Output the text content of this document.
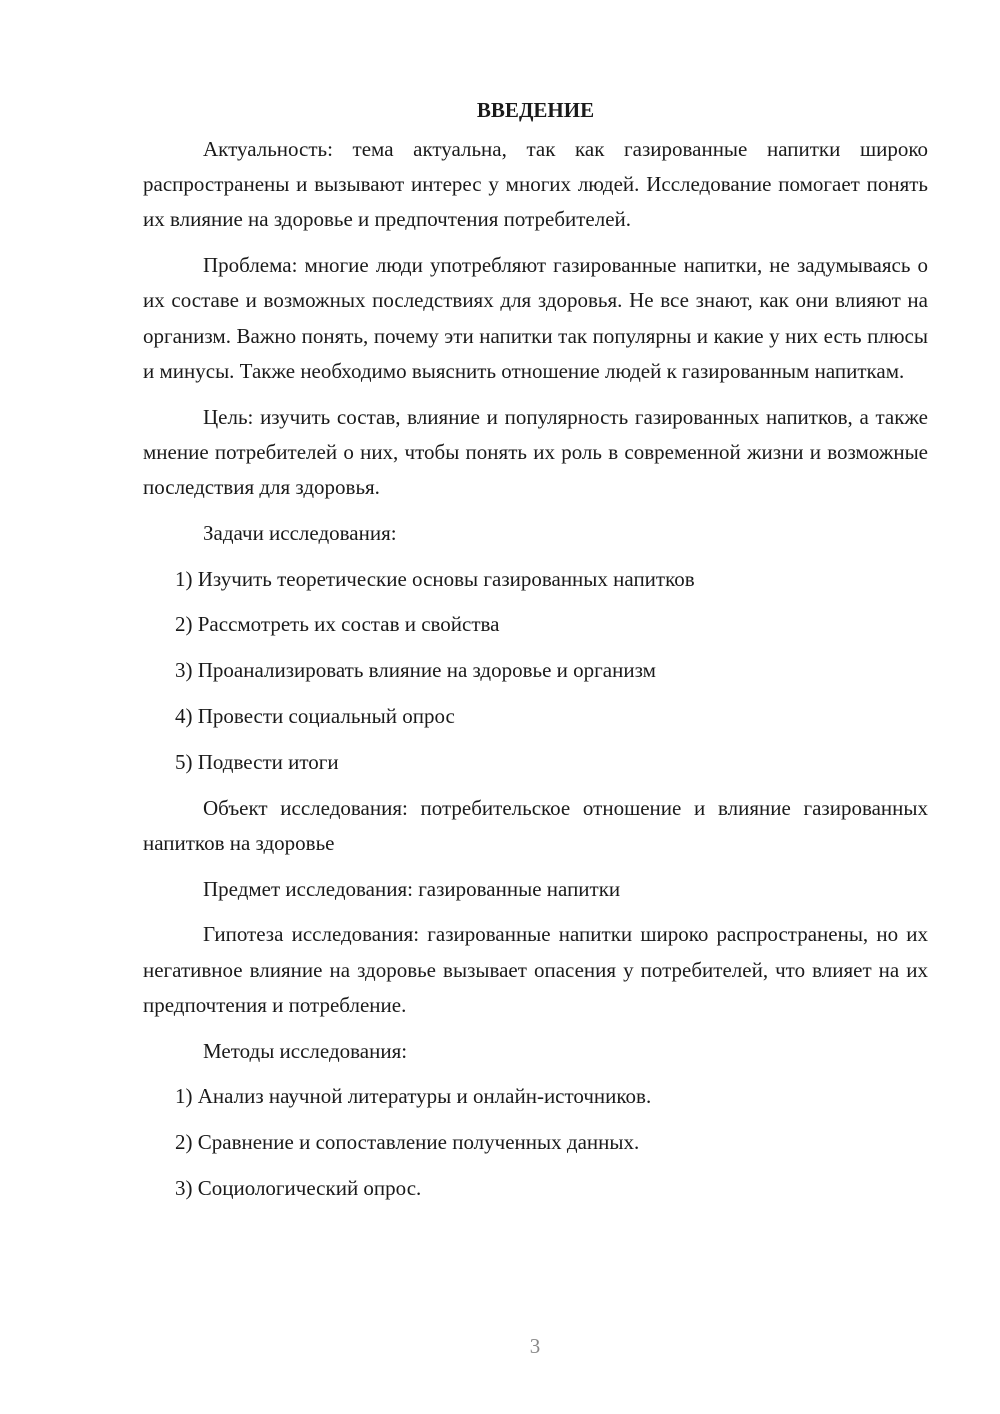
ВВЕДЕНИЕ

Актуальность: тема актуальна, так как газированные напитки широко распространены и вызывают интерес у многих людей. Исследование помогает понять их влияние на здоровье и предпочтения потребителей.

Проблема: многие люди употребляют газированные напитки, не задумываясь о их составе и возможных последствиях для здоровья. Не все знают, как они влияют на организм. Важно понять, почему эти напитки так популярны и какие у них есть плюсы и минусы. Также необходимо выяснить отношение людей к газированным напиткам.

Цель: изучить состав, влияние и популярность газированных напитков, а также мнение потребителей о них, чтобы понять их роль в современной жизни и возможные последствия для здоровья.

Задачи исследования:

1) Изучить теоретические основы газированных напитков

2) Рассмотреть их состав и свойства

3) Проанализировать влияние на здоровье и организм

4) Провести социальный опрос

5) Подвести итоги

Объект исследования: потребительское отношение и влияние газированных напитков на здоровье

Предмет исследования: газированные напитки

Гипотеза исследования: газированные напитки широко распространены, но их негативное влияние на здоровье вызывает опасения у потребителей, что влияет на их предпочтения и потребление.

Методы исследования:

1) Анализ научной литературы и онлайн-источников.

2) Сравнение и сопоставление полученных данных.

3) Социологический опрос.

3
